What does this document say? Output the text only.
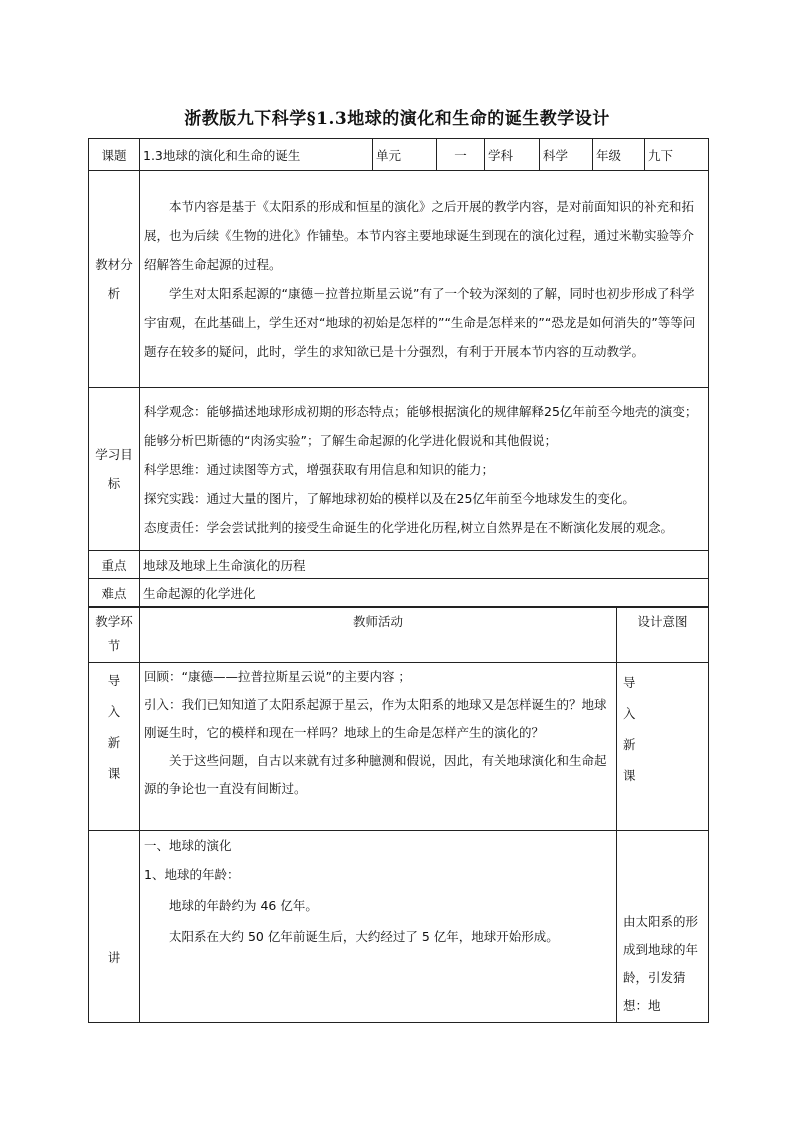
浙教版九下科学§1.3地球的演化和生命的诞生教学设计
课题	1.3地球的演化和生命的诞生	单元	一	学科	科学	年级	九下
教材分析	本节内容是基于《太阳系的形成和恒星的演化》之后开展的教学内容，是对前面知识的补充和拓展，也为后续《生物的进化》作铺垫。本节内容主要地球诞生到现在的演化过程，通过米勒实验等介绍解答生命起源的过程。

学生对太阳系起源的“康德－拉普拉斯星云说”有了一个较为深刻的了解，同时也初步形成了科学宇宙观，在此基础上，学生还对“地球的初始是怎样的”“生命是怎样来的”“恐龙是如何消失的”等等问题存在较多的疑问，此时，学生的求知欲已是十分强烈，有利于开展本节内容的互动教学。						

学习目标	科学观念：能够描述地球形成初期的形态特点；能够根据演化的规律解释25亿年前至今地壳的演变；能够分析巴斯德的“肉汤实验”；了解生命起源的化学进化假说和其他假说；

科学思维：通过读图等方式，增强获取有用信息和知识的能力；

探究实践：通过大量的图片，了解地球初始的模样以及在25亿年前至今地球发生的变化。

态度责任：学会尝试批判的接受生命诞生的化学进化历程,树立自然界是在不断演化发展的观念。						

重点	地球及地球上生命演化的历程						
难点	生命起源的化学进化						
教学环节	教师活动	设计意图

导入新课	回顾：“康德——拉普拉斯星云说”的主要内容 ；

引入：我们已知知道了太阳系起源于星云，作为太阳系的地球又是怎样诞生的？地球刚诞生时，它的模样和现在一样吗？地球上的生命是怎样产生的演化的？

关于这些问题，自古以来就有过多种臆测和假说，因此，有关地球演化和生命起源的争论也一直没有间断过。	导入新课

讲	一、地球的演化

1、地球的年龄：

地球的年龄约为 46 亿年。

太阳系在大约 50 亿年前诞生后，大约经过了 5 亿年，地球开始形成。	由太阳系的形成到地球的年龄，引发猜想：地
